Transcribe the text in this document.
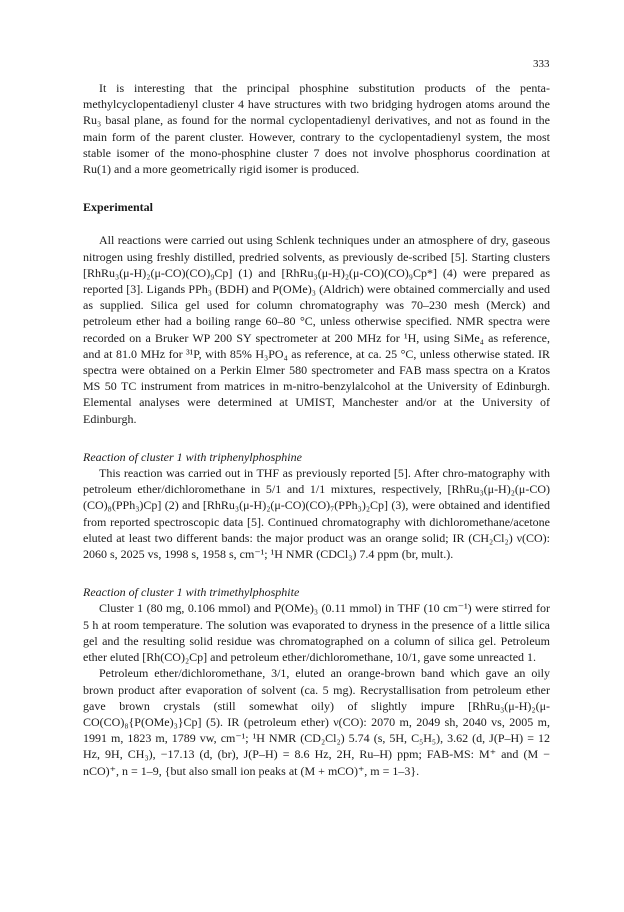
333

It is interesting that the principal phosphine substitution products of the penta-methylcyclopentadienyl cluster 4 have structures with two bridging hydrogen atoms around the Ru₃ basal plane, as found for the normal cyclopentadienyl derivatives, and not as found in the main form of the parent cluster. However, contrary to the cyclopentadienyl system, the most stable isomer of the mono-phosphine cluster 7 does not involve phosphorus coordination at Ru(1) and a more geometrically rigid isomer is produced.

Experimental

All reactions were carried out using Schlenk techniques under an atmosphere of dry, gaseous nitrogen using freshly distilled, predried solvents, as previously de-scribed [5]. Starting clusters [RhRu₃(μ-H)₂(μ-CO)(CO)₉Cp] (1) and [RhRu₃(μ-H)₂(μ-CO)(CO)₉Cp*] (4) were prepared as reported [3]. Ligands PPh₃ (BDH) and P(OMe)₃ (Aldrich) were obtained commercially and used as supplied. Silica gel used for column chromatography was 70–230 mesh (Merck) and petroleum ether had a boiling range 60–80 °C, unless otherwise specified. NMR spectra were recorded on a Bruker WP 200 SY spectrometer at 200 MHz for ¹H, using SiMe₄ as reference, and at 81.0 MHz for ³¹P, with 85% H₃PO₄ as reference, at ca. 25 °C, unless otherwise stated. IR spectra were obtained on a Perkin Elmer 580 spectrometer and FAB mass spectra on a Kratos MS 50 TC instrument from matrices in m-nitro-benzylalcohol at the University of Edinburgh. Elemental analyses were determined at UMIST, Manchester and/or at the University of Edinburgh.

Reaction of cluster 1 with triphenylphosphine

This reaction was carried out in THF as previously reported [5]. After chro-matography with petroleum ether/dichloromethane in 5/1 and 1/1 mixtures, respectively, [RhRu₃(μ-H)₂(μ-CO)(CO)₈(PPh₃)Cp] (2) and [RhRu₃(μ-H)₂(μ-CO)(CO)₇(PPh₃)₂Cp] (3), were obtained and identified from reported spectroscopic data [5]. Continued chromatography with dichloromethane/acetone eluted at least two different bands: the major product was an orange solid; IR (CH₂Cl₂) ν(CO): 2060 s, 2025 vs, 1998 s, 1958 s, cm⁻¹; ¹H NMR (CDCl₃) 7.4 ppm (br, mult.).

Reaction of cluster 1 with trimethylphosphite

Cluster 1 (80 mg, 0.106 mmol) and P(OMe)₃ (0.11 mmol) in THF (10 cm⁻¹) were stirred for 5 h at room temperature. The solution was evaporated to dryness in the presence of a little silica gel and the resulting solid residue was chromatographed on a column of silica gel. Petroleum ether eluted [Rh(CO)₂Cp] and petroleum ether/dichloromethane, 10/1, gave some unreacted 1.

Petroleum ether/dichloromethane, 3/1, eluted an orange-brown band which gave an oily brown product after evaporation of solvent (ca. 5 mg). Recrystallisation from petroleum ether gave brown crystals (still somewhat oily) of slightly impure [RhRu₃(μ-H)₂(μ-CO(CO)₈{P(OMe)₃}Cp] (5). IR (petroleum ether) ν(CO): 2070 m, 2049 sh, 2040 vs, 2005 m, 1991 m, 1823 m, 1789 vw, cm⁻¹; ¹H NMR (CD₂Cl₂) 5.74 (s, 5H, C₅H₅), 3.62 (d, J(P–H) = 12 Hz, 9H, CH₃), −17.13 (d, (br), J(P–H) = 8.6 Hz, 2H, Ru–H) ppm; FAB-MS: M⁺ and (M − nCO)⁺, n = 1–9, {but also small ion peaks at (M + mCO)⁺, m = 1–3}.
